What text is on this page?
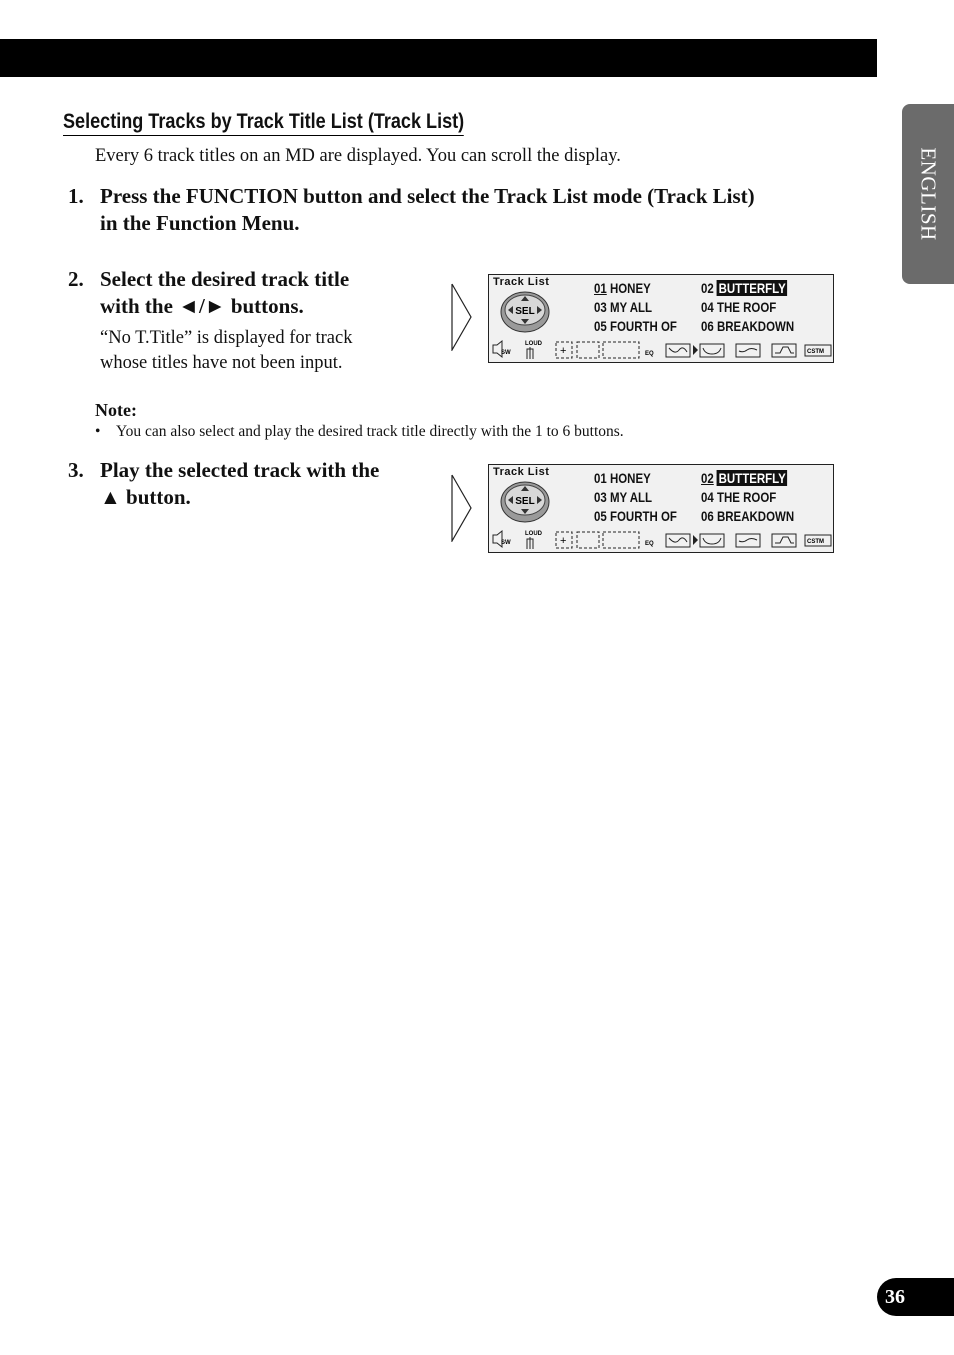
ENGLISH
Selecting Tracks by Track Title List (Track List)
Every 6 track titles on an MD are displayed. You can scroll the display.
1. Press the FUNCTION button and select the Track List mode (Track List)
in the Function Menu.
2. Select the desired track title
with the ◄/► buttons.
“No T.Title” is displayed for track
whose titles have not been input.
Track List
SEL
01 HONEY	02 BUTTERFLY
03 MY ALL	04 THE ROOF
05 FOURTH OF 06 BREAKDOWN
SW
LOUD
+	EQ	CSTM
Note:
• You can also select and play the desired track title directly with the 1 to 6 buttons.
3. Play the selected track with the
▲ button.
Track List
SEL
01 HONEY	02 BUTTERFLY
03 MY ALL	04 THE ROOF
05 FOURTH OF 06 BREAKDOWN
SW
LOUD
+	EQ	CSTM
36
